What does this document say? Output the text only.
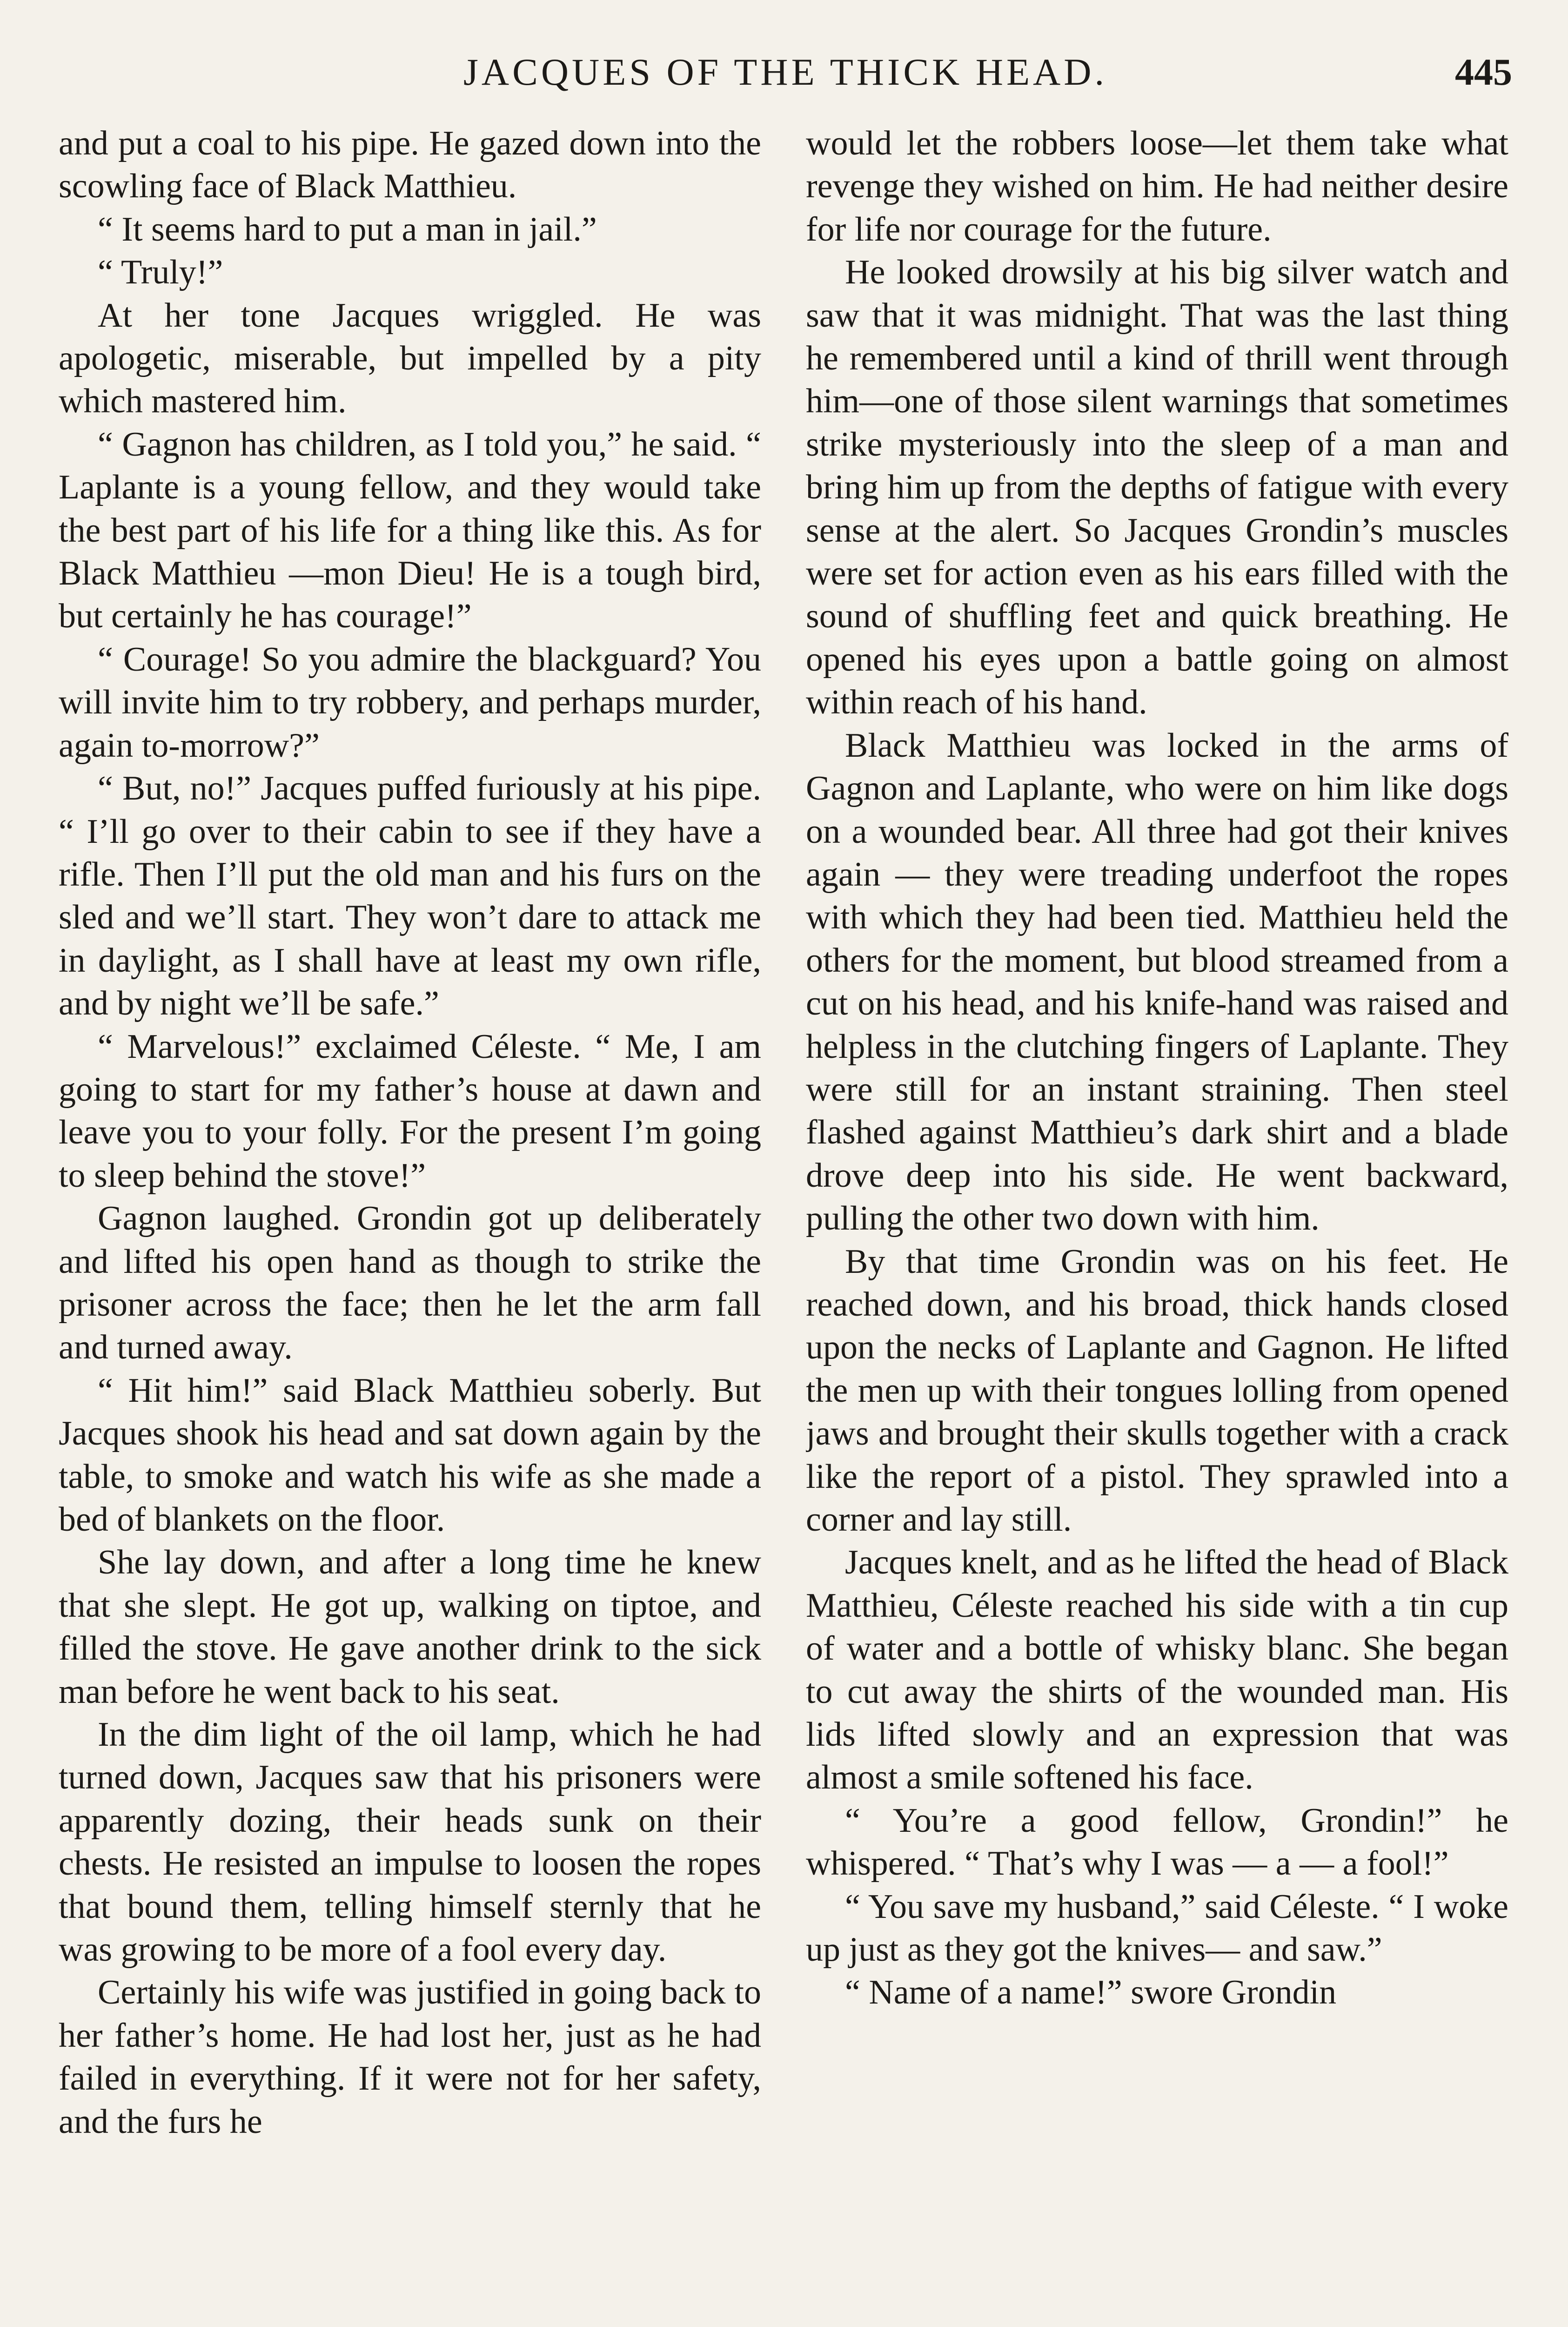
JACQUES OF THE THICK HEAD.	445

and put a coal to his pipe. He gazed down into the scowling face of Black Matthieu.

“ It seems hard to put a man in jail.”

“ Truly!”

At her tone Jacques wriggled. He was apologetic, miserable, but impelled by a pity which mastered him.

“ Gagnon has children, as I told you,” he said. “ Laplante is a young fellow, and they would take the best part of his life for a thing like this. As for Black Matthieu —mon Dieu! He is a tough bird, but certainly he has courage!”

“ Courage! So you admire the blackguard? You will invite him to try robbery, and perhaps murder, again to-morrow?”

“ But, no!” Jacques puffed furiously at his pipe. “ I’ll go over to their cabin to see if they have a rifle. Then I’ll put the old man and his furs on the sled and we’ll start. They won’t dare to attack me in daylight, as I shall have at least my own rifle, and by night we’ll be safe.”

“ Marvelous!” exclaimed Céleste. “ Me, I am going to start for my father’s house at dawn and leave you to your folly. For the present I’m going to sleep behind the stove!”

Gagnon laughed. Grondin got up deliberately and lifted his open hand as though to strike the prisoner across the face; then he let the arm fall and turned away.

“ Hit him!” said Black Matthieu soberly. But Jacques shook his head and sat down again by the table, to smoke and watch his wife as she made a bed of blankets on the floor.

She lay down, and after a long time he knew that she slept. He got up, walking on tiptoe, and filled the stove. He gave another drink to the sick man before he went back to his seat.

In the dim light of the oil lamp, which he had turned down, Jacques saw that his prisoners were apparently dozing, their heads sunk on their chests. He resisted an impulse to loosen the ropes that bound them, telling himself sternly that he was growing to be more of a fool every day.

Certainly his wife was justified in going back to her father’s home. He had lost her, just as he had failed in everything. If it were not for her safety, and the furs he

would let the robbers loose—let them take what revenge they wished on him. He had neither desire for life nor courage for the future.

He looked drowsily at his big silver watch and saw that it was midnight. That was the last thing he remembered until a kind of thrill went through him—one of those silent warnings that sometimes strike mysteriously into the sleep of a man and bring him up from the depths of fatigue with every sense at the alert. So Jacques Grondin’s muscles were set for action even as his ears filled with the sound of shuffling feet and quick breathing. He opened his eyes upon a battle going on almost within reach of his hand.

Black Matthieu was locked in the arms of Gagnon and Laplante, who were on him like dogs on a wounded bear. All three had got their knives again — they were treading underfoot the ropes with which they had been tied. Matthieu held the others for the moment, but blood streamed from a cut on his head, and his knife-hand was raised and helpless in the clutching fingers of Laplante. They were still for an instant straining. Then steel flashed against Matthieu’s dark shirt and a blade drove deep into his side. He went backward, pulling the other two down with him.

By that time Grondin was on his feet. He reached down, and his broad, thick hands closed upon the necks of Laplante and Gagnon. He lifted the men up with their tongues lolling from opened jaws and brought their skulls together with a crack like the report of a pistol. They sprawled into a corner and lay still.

Jacques knelt, and as he lifted the head of Black Matthieu, Céleste reached his side with a tin cup of water and a bottle of whisky blanc. She began to cut away the shirts of the wounded man. His lids lifted slowly and an expression that was almost a smile softened his face.

“ You’re a good fellow, Grondin!” he whispered. “ That’s why I was — a — a fool!”

“ You save my husband,” said Céleste. “ I woke up just as they got the knives— and saw.”

“ Name of a name!” swore Grondin
